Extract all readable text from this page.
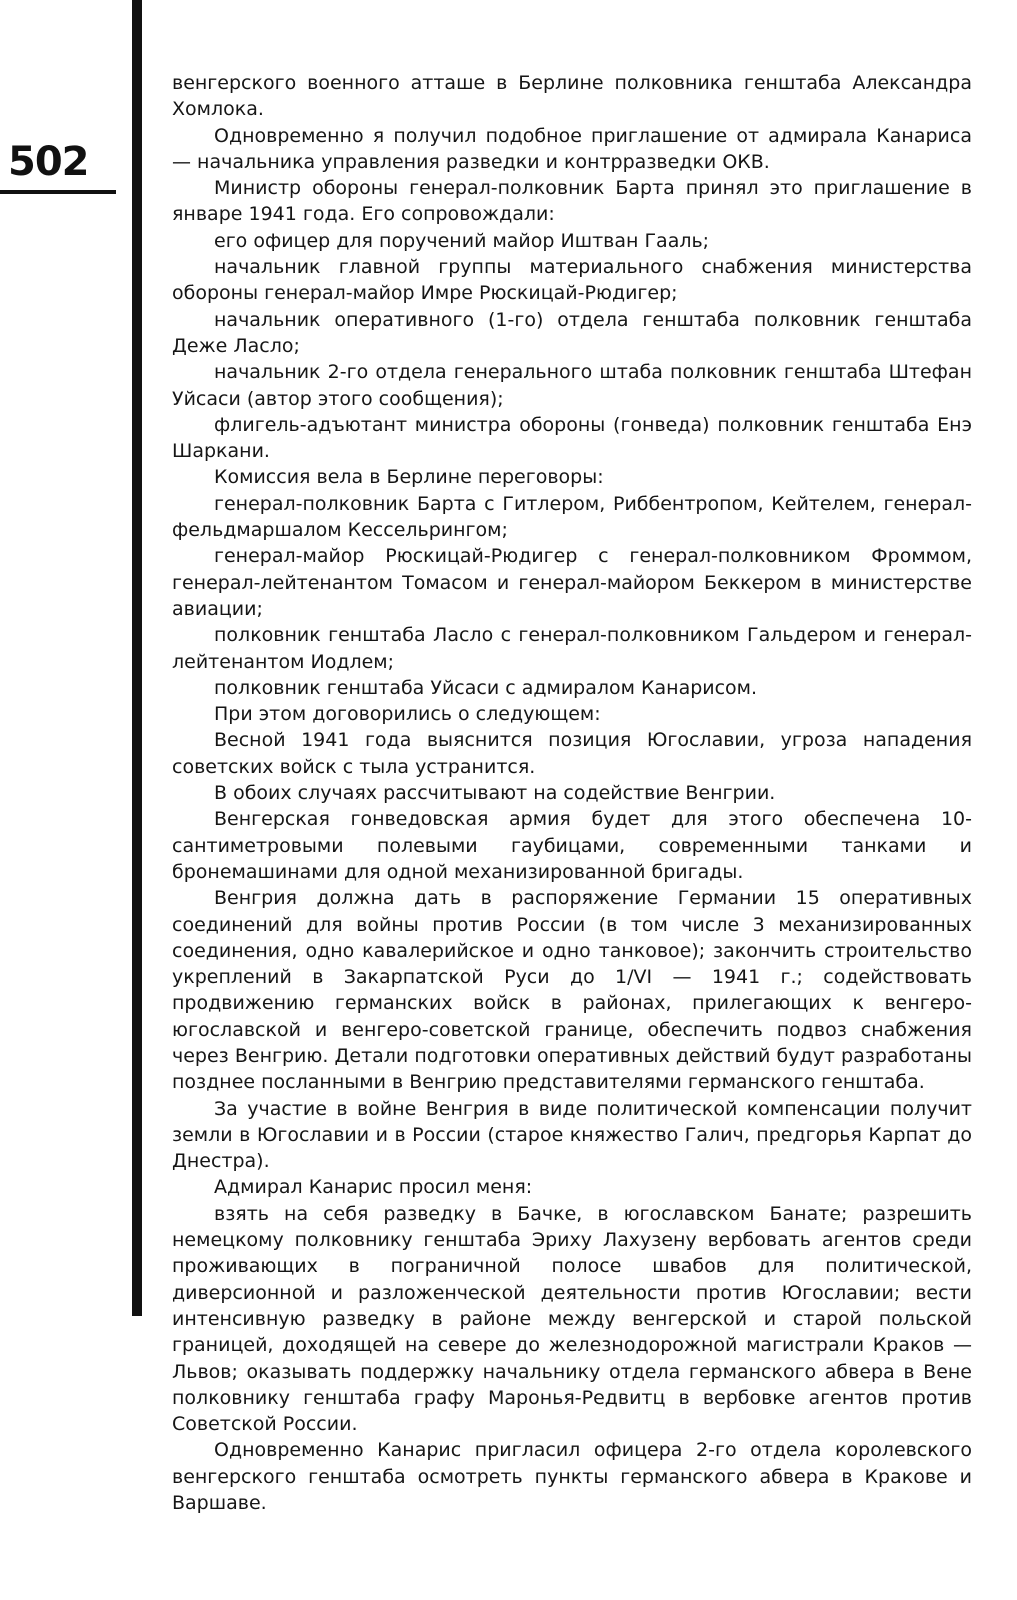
502

венгерского военного атташе в Берлине полковника генштаба Александра Хомлока.

Одновременно я получил подобное приглашение от адмирала Канариса — начальника управления разведки и контрразведки ОКВ.

Министр обороны генерал-полковник Барта принял это приглашение в январе 1941 года. Его сопровождали:

его офицер для поручений майор Иштван Гааль;

начальник главной группы материального снабжения министерства обороны генерал-майор Имре Рюскицай-Рюдигер;

начальник оперативного (1-го) отдела генштаба полковник генштаба Деже Ласло;

начальник 2-го отдела генерального штаба полковник генштаба Штефан Уйсаси (автор этого сообщения);

флигель-адъютант министра обороны (гонведа) полковник генштаба Енэ Шаркани.

Комиссия вела в Берлине переговоры:

генерал-полковник Барта с Гитлером, Риббентропом, Кейтелем, генерал-фельдмаршалом Кессельрингом;

генерал-майор Рюскицай-Рюдигер с генерал-полковником Фроммом, генерал-лейтенантом Томасом и генерал-майором Беккером в министерстве авиации;

полковник генштаба Ласло с генерал-полковником Гальдером и генерал-лейтенантом Иодлем;

полковник генштаба Уйсаси с адмиралом Канарисом.

При этом договорились о следующем:

Весной 1941 года выяснится позиция Югославии, угроза нападения советских войск с тыла устранится.

В обоих случаях рассчитывают на содействие Венгрии.

Венгерская гонведовская армия будет для этого обеспечена 10-сантиметровыми полевыми гаубицами, современными танками и бронемашинами для одной механизированной бригады.

Венгрия должна дать в распоряжение Германии 15 оперативных соединений для войны против России (в том числе 3 механизированных соединения, одно кавалерийское и одно танковое); закончить строительство укреплений в Закарпатской Руси до 1/VI — 1941 г.; содействовать продвижению германских войск в районах, прилегающих к венгеро-югославской и венгеро-советской границе, обеспечить подвоз снабжения через Венгрию. Детали подготовки оперативных действий будут разработаны позднее посланными в Венгрию представителями германского генштаба.

За участие в войне Венгрия в виде политической компенсации получит земли в Югославии и в России (старое княжество Галич, предгорья Карпат до Днестра).

Адмирал Канарис просил меня:

взять на себя разведку в Бачке, в югославском Банате; разрешить немецкому полковнику генштаба Эриху Лахузену вербовать агентов среди проживающих в пограничной полосе швабов для политической, диверсионной и разложенческой деятельности против Югославии; вести интенсивную разведку в районе между венгерской и старой польской границей, доходящей на севере до железнодорожной магистрали Краков — Львов; оказывать поддержку начальнику отдела германского абвера в Вене полковнику генштаба графу Маронья-Редвитц в вербовке агентов против Советской России.

Одновременно Канарис пригласил офицера 2-го отдела королевского венгерского генштаба осмотреть пункты германского абвера в Кракове и Варшаве.
